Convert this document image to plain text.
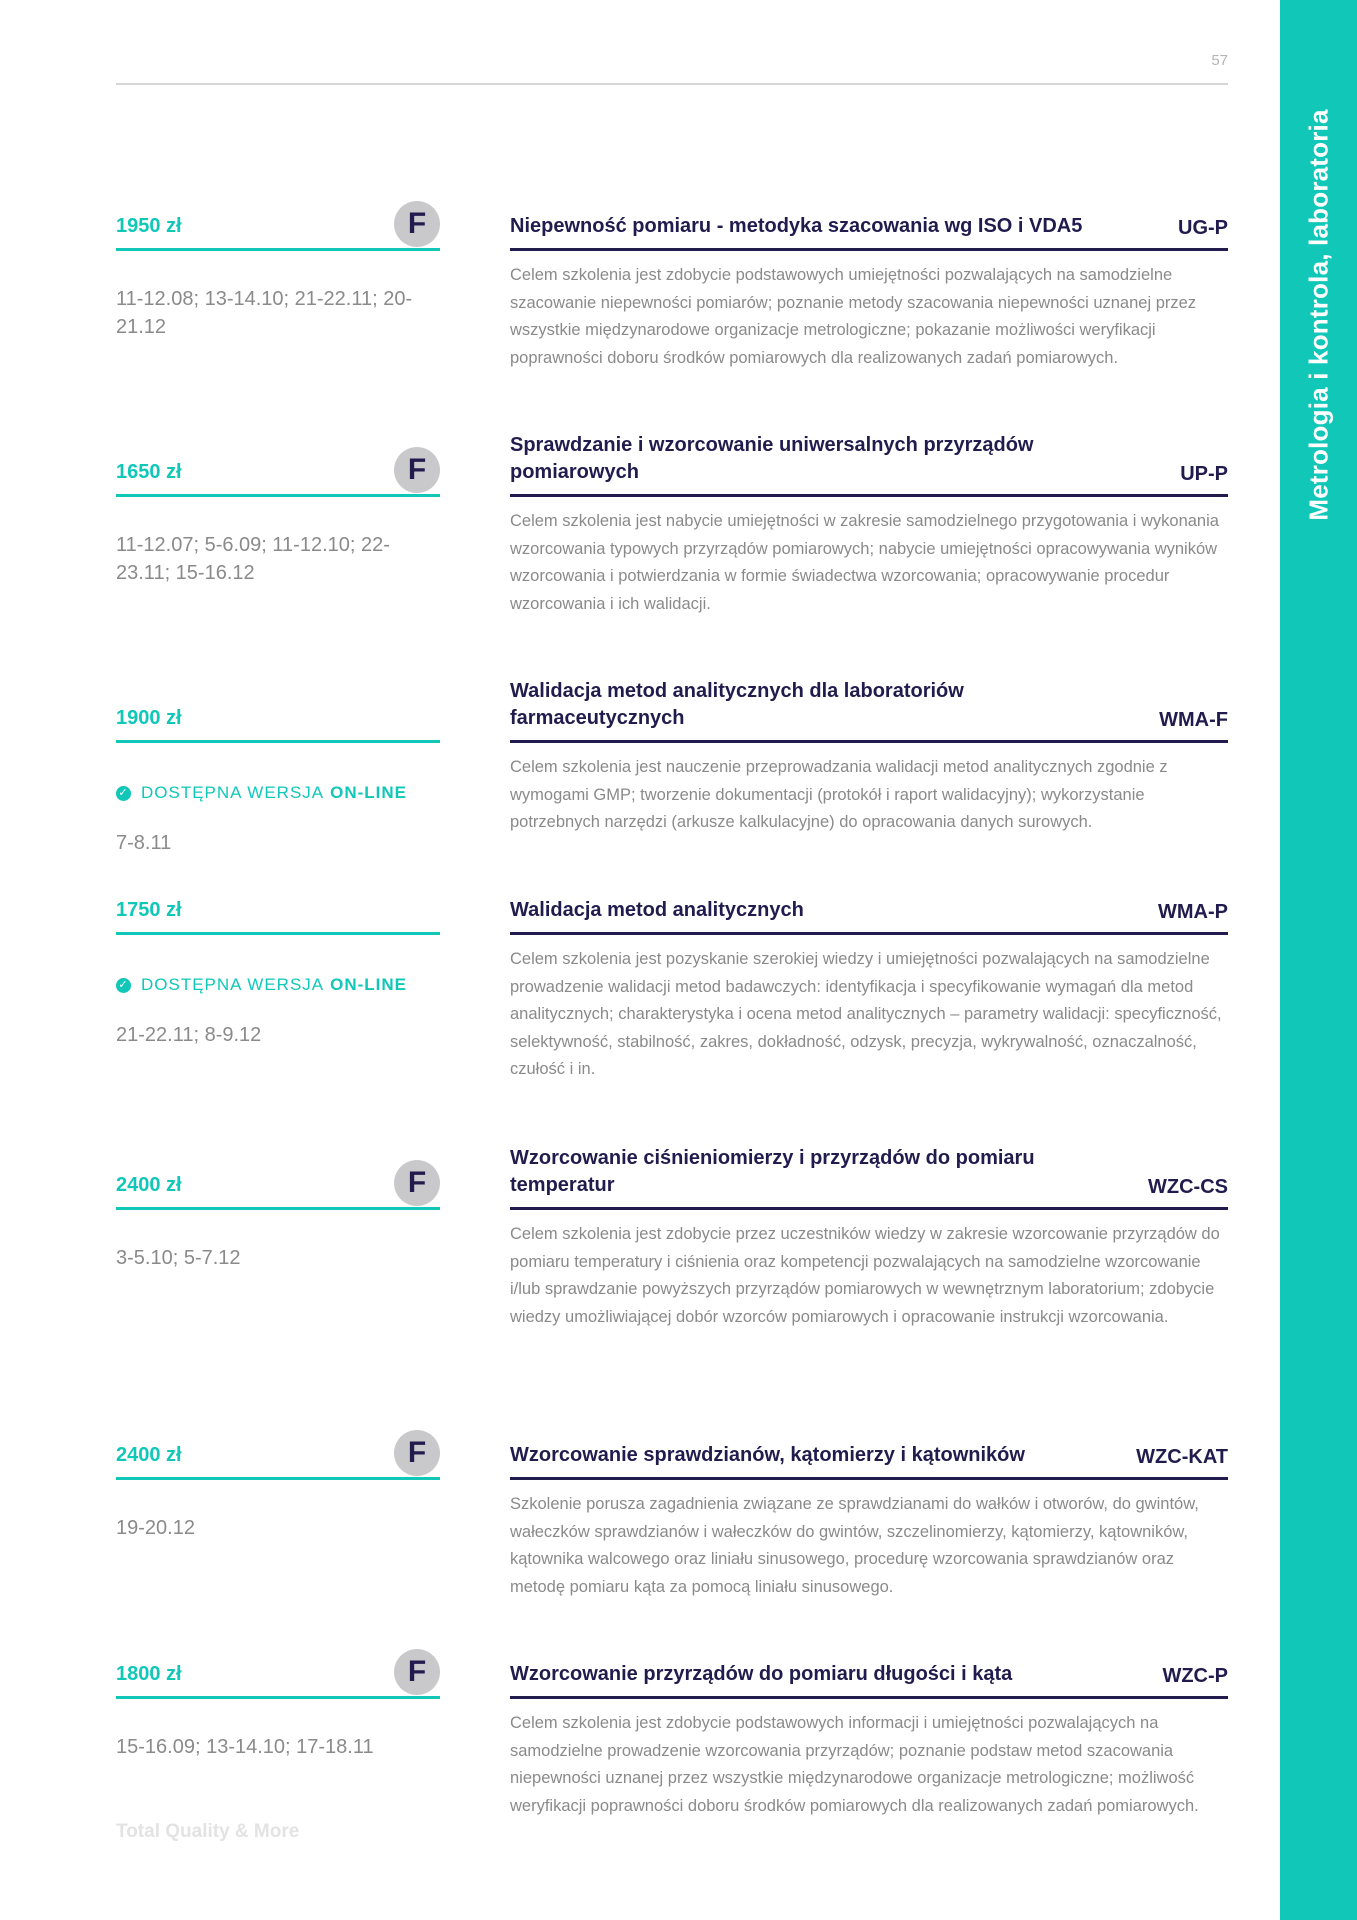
Metrologia i kontrola, laboratoria
57
1950 zł	F
11-12.08; 13-14.10; 21-22.11; 20-21.12
Niepewność pomiaru - metodyka szacowania wg ISO i VDA5	UG-P
Celem szkolenia jest zdobycie podstawowych umiejętności pozwalających na samodzielne szacowanie niepewności pomiarów; poznanie metody szacowania niepewności uznanej przez wszystkie międzynarodowe organizacje metrologiczne; pokazanie możliwości weryfikacji poprawności doboru środków pomiarowych dla realizowanych zadań pomiarowych.
1650 zł	F
11-12.07; 5-6.09; 11-12.10; 22-23.11; 15-16.12
Sprawdzanie i wzorcowanie uniwersalnych przyrządów pomiarowych	UP-P
Celem szkolenia jest nabycie umiejętności w zakresie samodzielnego przygotowania i wykonania wzorcowania typowych przyrządów pomiarowych; nabycie umiejętności opracowywania wyników wzorcowania i potwierdzania w formie świadectwa wzorcowania; opracowywanie procedur wzorcowania i ich walidacji.
1900 zł
✓ DOSTĘPNA WERSJA ON-LINE
7-8.11
Walidacja metod analitycznych dla laboratoriów farmaceutycznych	WMA-F
Celem szkolenia jest nauczenie przeprowadzania walidacji metod analitycznych zgodnie z wymogami GMP; tworzenie dokumentacji (protokół i raport walidacyjny); wykorzystanie potrzebnych narzędzi (arkusze kalkulacyjne) do opracowania danych surowych.
1750 zł
✓ DOSTĘPNA WERSJA ON-LINE
21-22.11; 8-9.12
Walidacja metod analitycznych	WMA-P
Celem szkolenia jest pozyskanie szerokiej wiedzy i umiejętności pozwalających na samodzielne prowadzenie walidacji metod badawczych: identyfikacja i specyfikowanie wymagań dla metod analitycznych; charakterystyka i ocena metod analitycznych – parametry walidacji: specyficzność, selektywność, stabilność, zakres, dokładność, odzysk, precyzja, wykrywalność, oznaczalność, czułość i in.
2400 zł	F
3-5.10; 5-7.12
Wzorcowanie ciśnieniomierzy i przyrządów do pomiaru temperatur	WZC-CS
Celem szkolenia jest zdobycie przez uczestników wiedzy w zakresie wzorcowanie przyrządów do pomiaru temperatury i ciśnienia oraz kompetencji pozwalających na samodzielne wzorcowanie i/lub sprawdzanie powyższych przyrządów pomiarowych w wewnętrznym laboratorium; zdobycie wiedzy umożliwiającej dobór wzorców pomiarowych i opracowanie instrukcji wzorcowania.
2400 zł	F
19-20.12
Wzorcowanie sprawdzianów, kątomierzy i kątowników	WZC-KAT
Szkolenie porusza zagadnienia związane ze sprawdzianami do wałków i otworów, do gwintów, wałeczków sprawdzianów i wałeczków do gwintów, szczelinomierzy, kątomierzy, kątowników, kątownika walcowego oraz liniału sinusowego, procedurę wzorcowania sprawdzianów oraz metodę pomiaru kąta za pomocą liniału sinusowego.
1800 zł	F
15-16.09; 13-14.10; 17-18.11
Wzorcowanie przyrządów do pomiaru długości i kąta	WZC-P
Celem szkolenia jest zdobycie podstawowych informacji i umiejętności pozwalających na samodzielne prowadzenie wzorcowania przyrządów; poznanie podstaw metod szacowania niepewności uznanej przez wszystkie międzynarodowe organizacje metrologiczne; możliwość weryfikacji poprawności doboru środków pomiarowych dla realizowanych zadań pomiarowych.
Total Quality & More
